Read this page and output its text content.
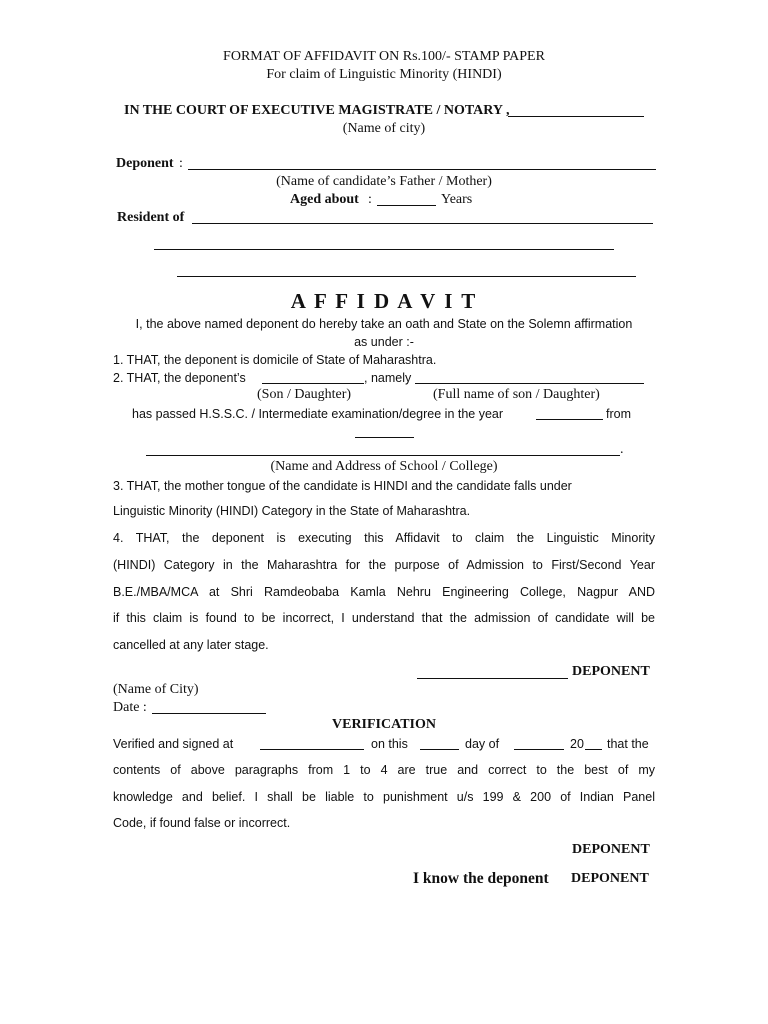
FORMAT OF AFFIDAVIT ON Rs.100/- STAMP PAPER
For claim of Linguistic Minority (HINDI)
IN THE COURT OF EXECUTIVE MAGISTRATE / NOTARY ,
(Name of city)
Deponent :
(Name of candidate’s Father / Mother)
Aged about :	Years
Resident of
A F F I D A V I T
I, the above named deponent do hereby take an oath and State on the Solemn affirmation
as under :-
1. THAT, the deponent is domicile of State of Maharashtra.
2. THAT, the deponent’s	, namely
(Son / Daughter)	(Full name of son / Daughter)
has passed H.S.S.C. / Intermediate examination/degree in the year	from
.
(Name and Address of School / College)
3. THAT, the mother tongue of the candidate is HINDI and the candidate falls under
Linguistic Minority (HINDI) Category in the State of Maharashtra.
4. THAT, the deponent is executing this Affidavit to claim the Linguistic Minority
(HINDI) Category in the Maharashtra for the purpose of Admission to First/Second Year
B.E./MBA/MCA at Shri Ramdeobaba Kamla Nehru Engineering College, Nagpur AND
if this claim is found to be incorrect, I understand that the admission of candidate will be
cancelled at any later stage.
DEPONENT
(Name of City)
Date :
VERIFICATION
Verified and signed at	on this	day of	20 that the
contents of above paragraphs from 1 to 4 are true and correct to the best of my
knowledge and belief. I shall be liable to punishment u/s 199 & 200 of Indian Panel
Code, if found false or incorrect.
DEPONENT
I know the deponent DEPONENT
